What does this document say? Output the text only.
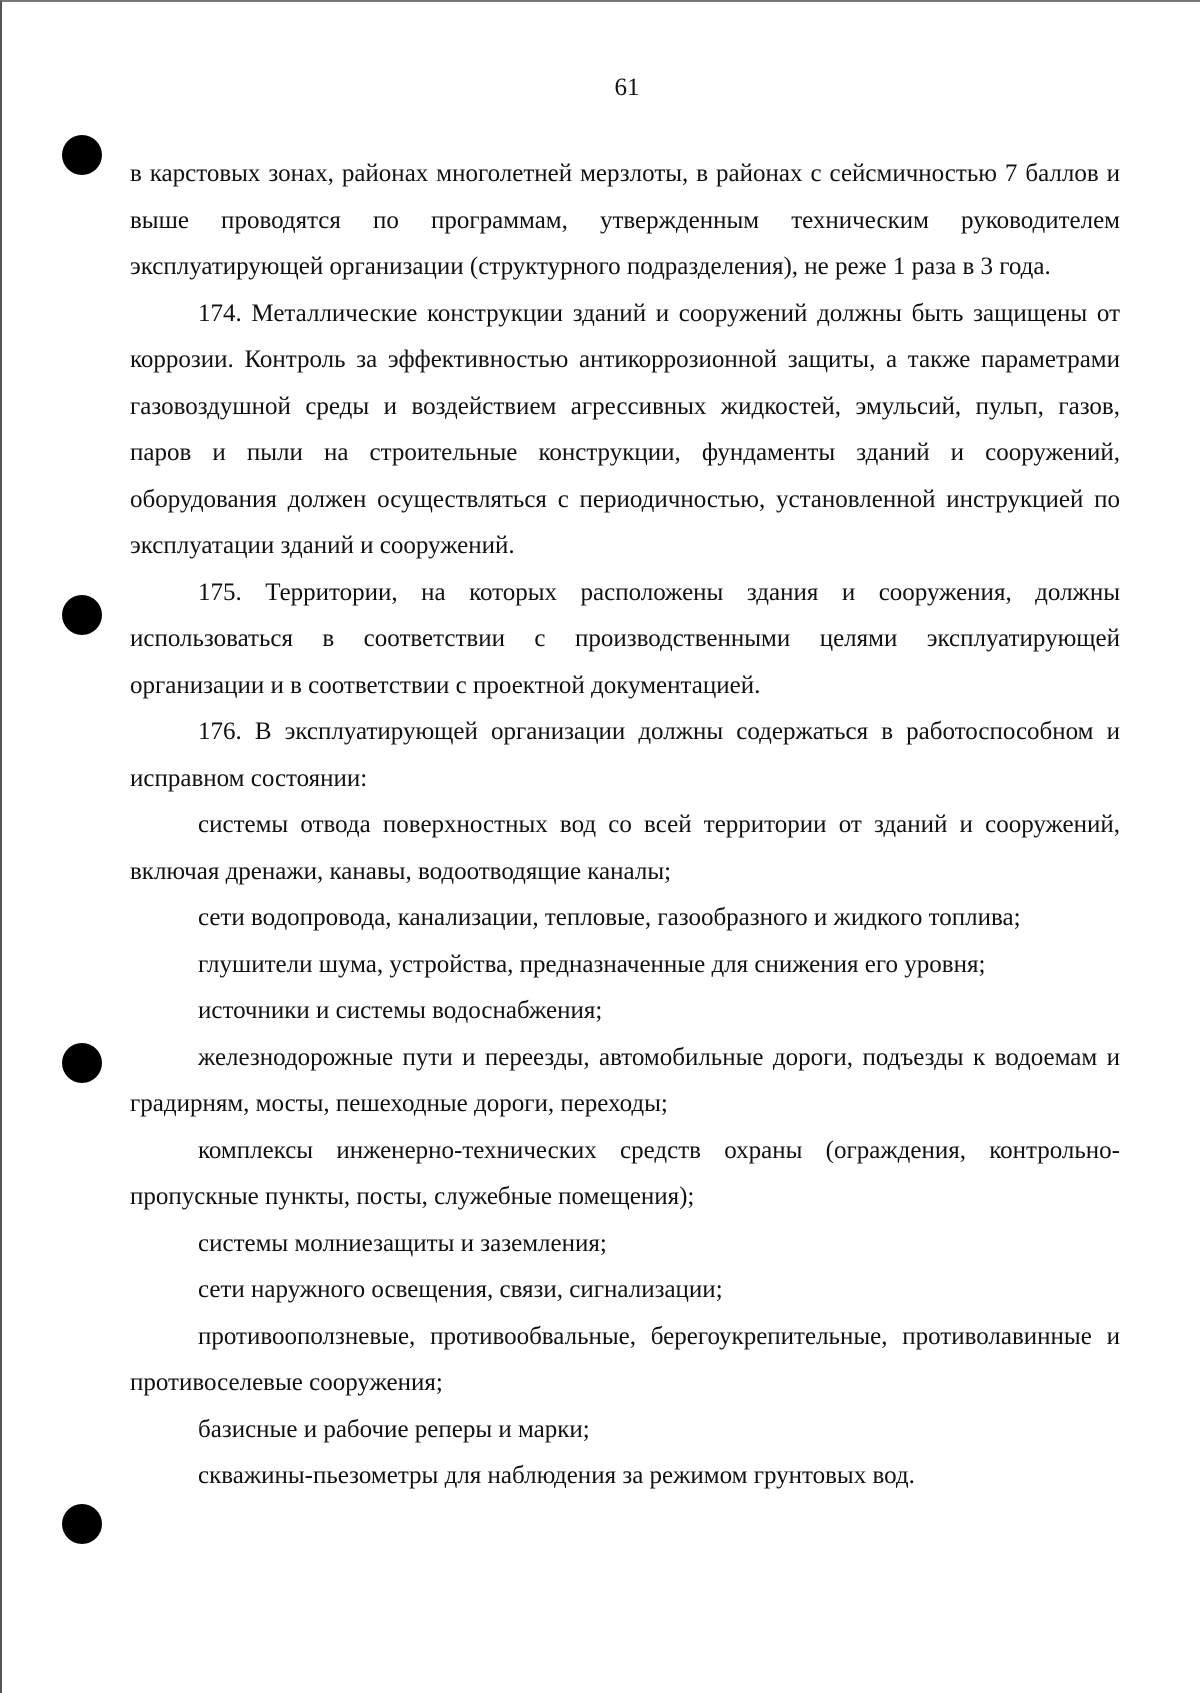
61

в карстовых зонах, районах многолетней мерзлоты, в районах с сейсмичностью 7 баллов и выше проводятся по программам, утвержденным техническим руководителем эксплуатирующей организации (структурного подразделения), не реже 1 раза в 3 года.

174. Металлические конструкции зданий и сооружений должны быть защищены от коррозии. Контроль за эффективностью антикоррозионной защиты, а также параметрами газовоздушной среды и воздействием агрессивных жидкостей, эмульсий, пульп, газов, паров и пыли на строительные конструкции, фундаменты зданий и сооружений, оборудования должен осуществляться с периодичностью, установленной инструкцией по эксплуатации зданий и сооружений.

175. Территории, на которых расположены здания и сооружения, должны использоваться в соответствии с производственными целями эксплуатирующей организации и в соответствии с проектной документацией.

176. В эксплуатирующей организации должны содержаться в работоспособном и исправном состоянии:

системы отвода поверхностных вод со всей территории от зданий и сооружений, включая дренажи, канавы, водоотводящие каналы;

сети водопровода, канализации, тепловые, газообразного и жидкого топлива;

глушители шума, устройства, предназначенные для снижения его уровня;

источники и системы водоснабжения;

железнодорожные пути и переезды, автомобильные дороги, подъезды к водоемам и градирням, мосты, пешеходные дороги, переходы;

комплексы инженерно-технических средств охраны (ограждения, контрольно-пропускные пункты, посты, служебные помещения);

системы молниезащиты и заземления;

сети наружного освещения, связи, сигнализации;

противооползневые, противообвальные, берегоукрепительные, противолавинные и противоселевые сооружения;

базисные и рабочие реперы и марки;

скважины-пьезометры для наблюдения за режимом грунтовых вод.
